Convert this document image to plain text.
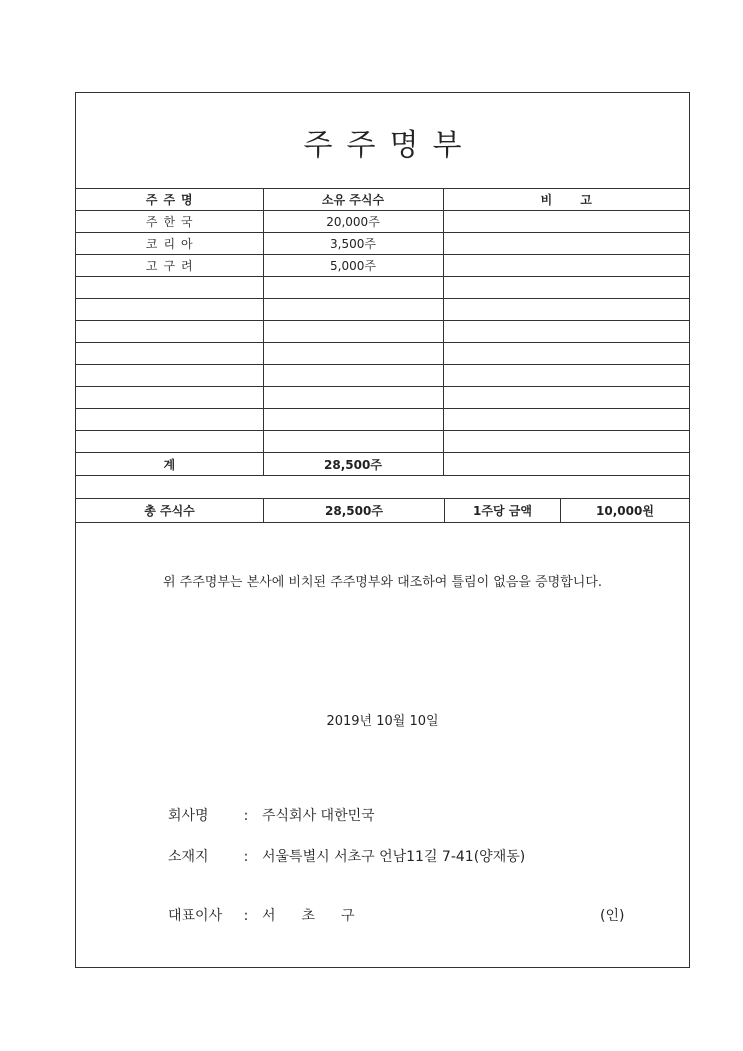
주주명부
주주명	소유 주식수	비고
주한국	20,000주	
코리아	3,500주	
고구려	5,000주	

계	28,500주	
총 주식수	28,500주	1주당 금액	10,000원
위 주주명부는 본사에 비치된 주주명부와 대조하여 틀림이 없음을 증명합니다.
2019년 10월 10일
회사명	: 주식회사 대한민국
소재지	: 서울특별시 서초구 언남11길 7-41(양재동)
대표이사 : 서초구	(인)
